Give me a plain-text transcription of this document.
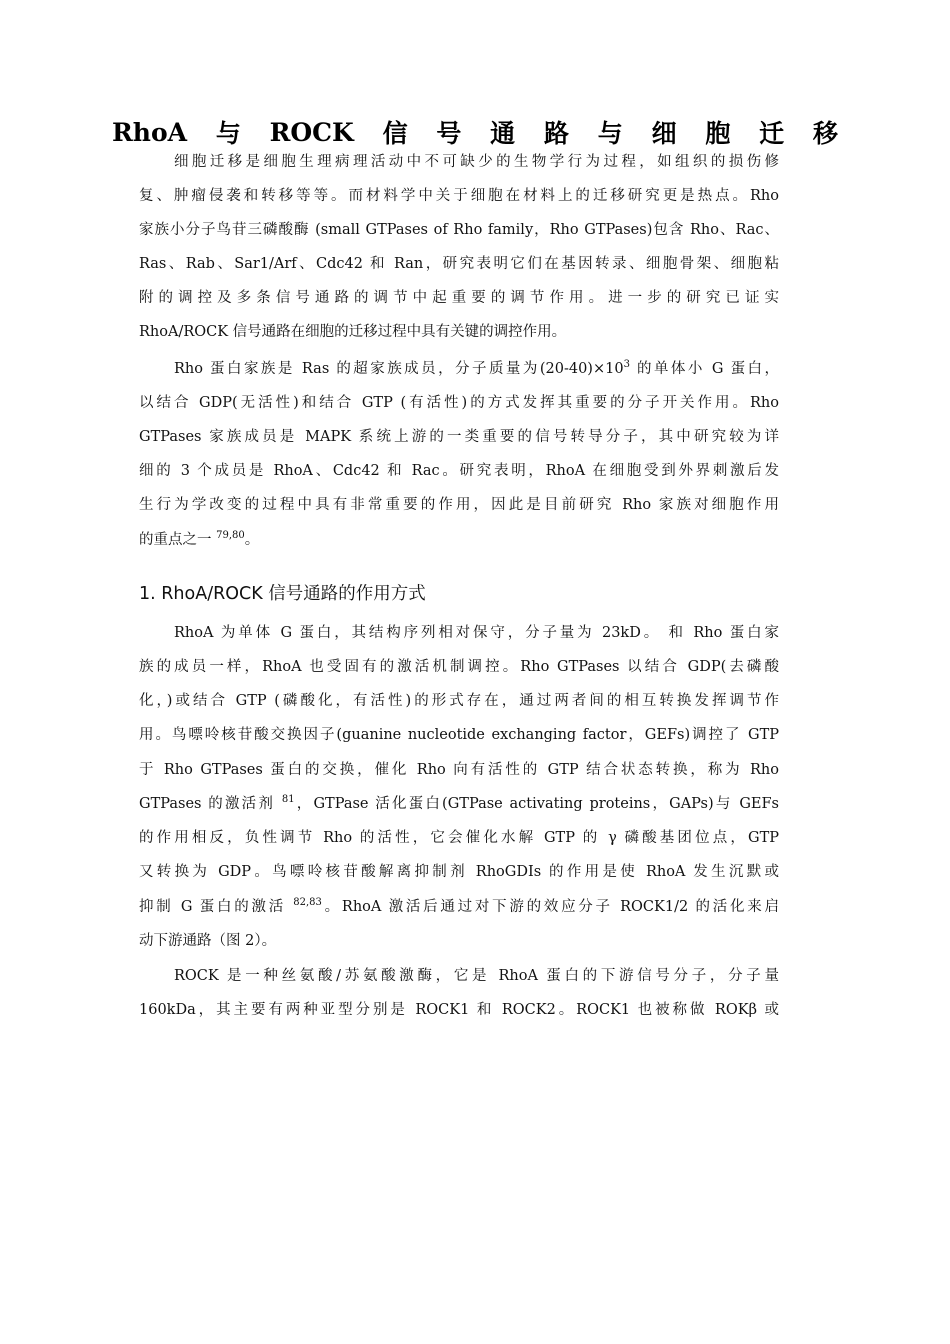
RhoA 与 ROCK 信 号 通 路 与 细 胞 迁 移
细胞迁移是细胞生理病理活动中不可缺少的生物学行为过程，如组织的损伤修
复、肿瘤侵袭和转移等等。而材料学中关于细胞在材料上的迁移研究更是热点。Rho
家族小分子鸟苷三磷酸酶 (small GTPases of Rho family，Rho GTPases)包含 Rho、Rac、
Ras、Rab、Sar1/Arf、Cdc42 和 Ran，研究表明它们在基因转录、细胞骨架、细胞粘
附的调控及多条信号通路的调节中起重要的调节作用。进一步的研究已证实
RhoA/ROCK 信号通路在细胞的迁移过程中具有关键的调控作用。
Rho 蛋白家族是 Ras 的超家族成员，分子质量为$(20-40)\times 10^3$ 的单体小 G 蛋白，
以结合 GDP(无活性)和结合 GTP (有活性)的方式发挥其重要的分子开关作用。Rho
GTPases 家族成员是 MAPK 系统上游的一类重要的信号转导分子，其中研究较为详
细的 3 个成员是 RhoA、Cdc42 和 Rac。研究表明，RhoA 在细胞受到外界刺激后发
生行为学改变的过程中具有非常重要的作用，因此是目前研究 Rho 家族对细胞作用
的重点之一 $^{79,80}$。
1. RhoA/ROCK 信号通路的作用方式
RhoA 为单体 G 蛋白，其结构序列相对保守，分子量为 23kD。 和 Rho 蛋白家
族的成员一样，RhoA 也受固有的激活机制调控。Rho GTPases 以结合 GDP(去磷酸
化，)或结合 GTP (磷酸化，有活性)的形式存在，通过两者间的相互转换发挥调节作
用。鸟嘌呤核苷酸交换因子(guanine nucleotide exchanging factor，GEFs)调控了 GTP
于 Rho GTPases 蛋白的交换，催化 Rho 向有活性的 GTP 结合状态转换，称为 Rho
GTPases 的激活剂 $^{81}$，GTPase 活化蛋白(GTPase activating proteins，GAPs)与 GEFs
的作用相反，负性调节 Rho 的活性，它会催化水解 GTP 的 γ 磷酸基团位点，GTP
又转换为 GDP。鸟嘌呤核苷酸解离抑制剂 RhoGDIs 的作用是使 RhoA 发生沉默或
抑制 G 蛋白的激活 $^{82,83}$。RhoA 激活后通过对下游的效应分子 ROCK1/2 的活化来启
动下游通路（图 2）。
ROCK 是一种丝氨酸/苏氨酸激酶，它是 RhoA 蛋白的下游信号分子，分子量
160kDa，其主要有两种亚型分别是 ROCK1 和 ROCK2。ROCK1 也被称做 ROKβ 或
